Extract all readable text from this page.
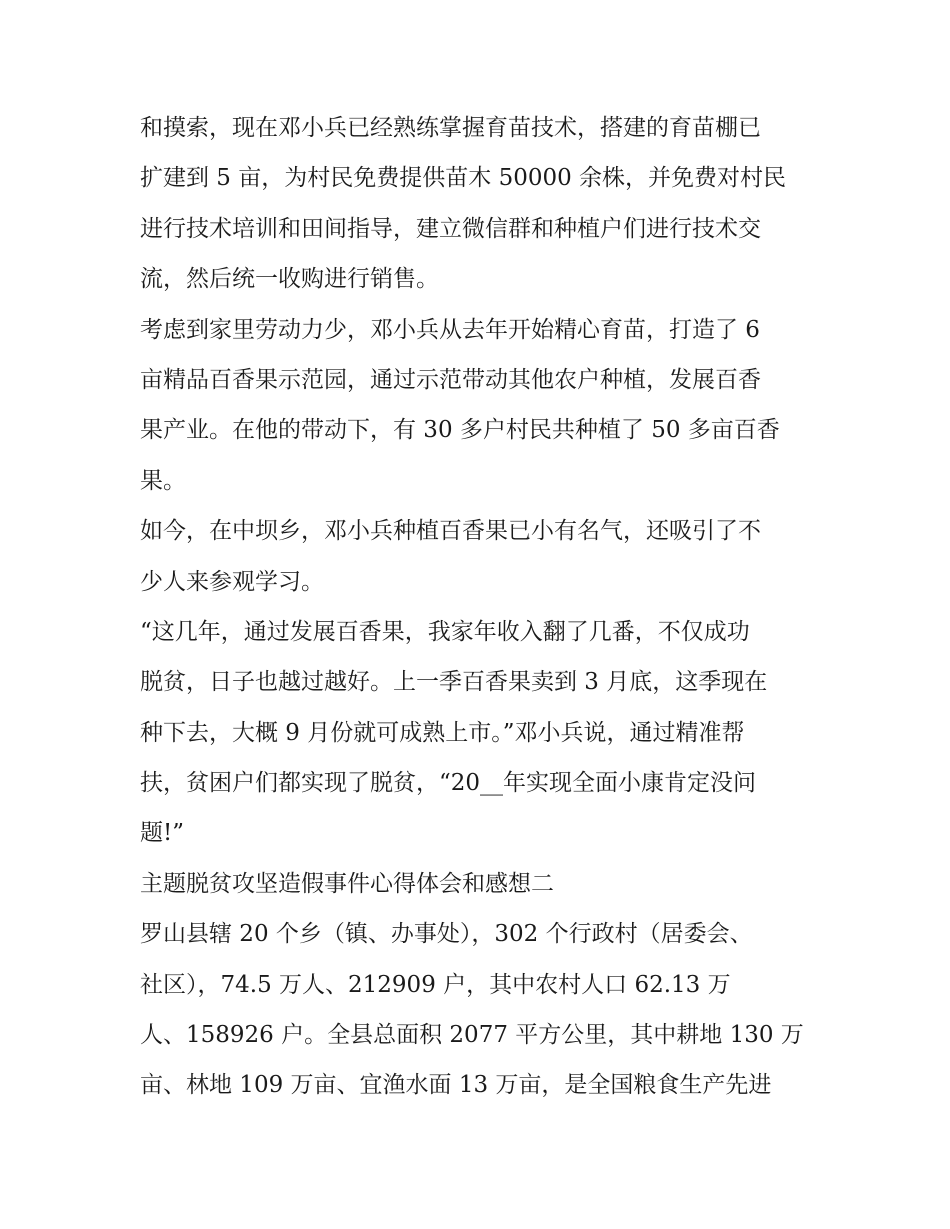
和摸索，现在邓小兵已经熟练掌握育苗技术，搭建的育苗棚已
扩建到 5 亩，为村民免费提供苗木 50000 余株，并免费对村民
进行技术培训和田间指导，建立微信群和种植户们进行技术交
流，然后统一收购进行销售。
考虑到家里劳动力少，邓小兵从去年开始精心育苗，打造了 6
亩精品百香果示范园，通过示范带动其他农户种植，发展百香
果产业。在他的带动下，有 30 多户村民共种植了 50 多亩百香
果。
如今，在中坝乡，邓小兵种植百香果已小有名气，还吸引了不
少人来参观学习。
“这几年，通过发展百香果，我家年收入翻了几番，不仅成功
脱贫，日子也越过越好。上一季百香果卖到 3 月底，这季现在
种下去，大概 9 月份就可成熟上市。”邓小兵说，通过精准帮
扶，贫困户们都实现了脱贫，“20__年实现全面小康肯定没问
题!”
主题脱贫攻坚造假事件心得体会和感想二
罗山县辖 20 个乡（镇、办事处），302 个行政村（居委会、
社区），74.5 万人、212909 户，其中农村人口 62.13 万
人、158926 户。全县总面积 2077 平方公里，其中耕地 130 万
亩、林地 109 万亩、宜渔水面 13 万亩，是全国粮食生产先进
